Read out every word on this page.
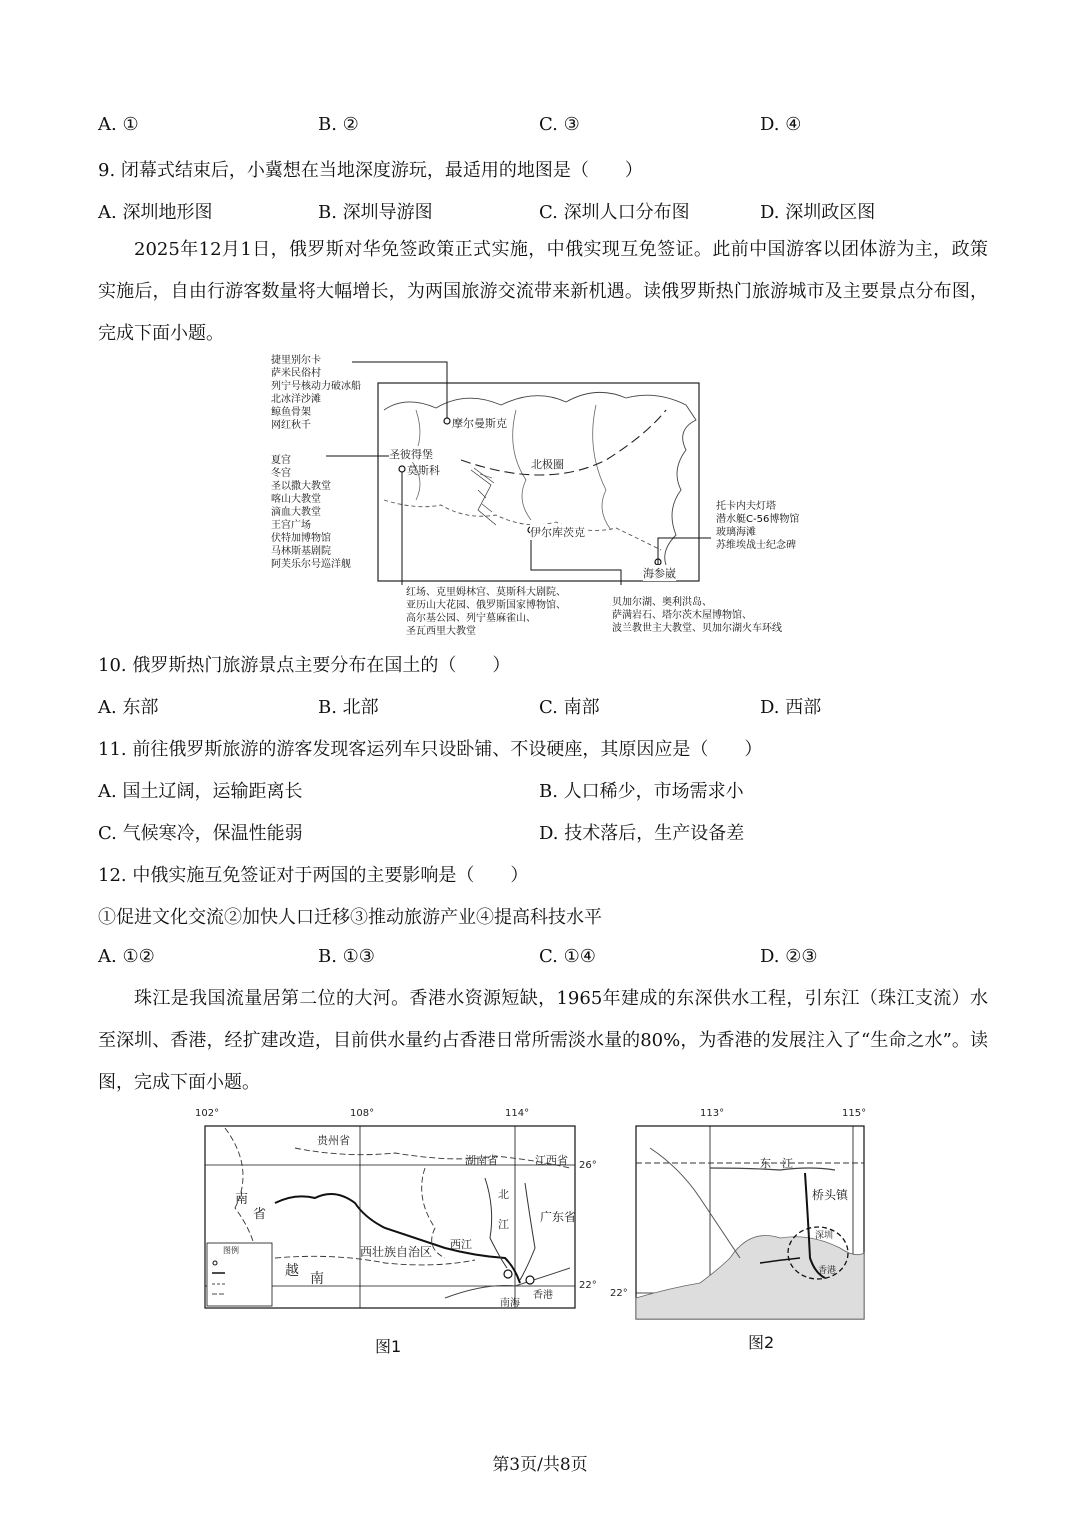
A. ①	B. ②	C. ③	D. ④
9. 闭幕式结束后，小冀想在当地深度游玩，最适用的地图是（　　）
A. 深圳地形图	B. 深圳导游图	C. 深圳人口分布图	D. 深圳政区图
2025年12月1日，俄罗斯对华免签政策正式实施，中俄实现互免签证。此前中国游客以团体游为主，政策实施后，自由行游客数量将大幅增长，为两国旅游交流带来新机遇。读俄罗斯热门旅游城市及主要景点分布图，完成下面小题。
捷里别尔卡
萨米民俗村
列宁号核动力破冰船
北冰洋沙滩
鲸鱼骨架
网红秋千
夏宫
冬宫
圣以撒大教堂
喀山大教堂
滴血大教堂
王宫广场
伏特加博物馆
马林斯基剧院
阿芙乐尔号巡洋舰
红场、克里姆林宫、莫斯科大剧院、
亚历山大花园、俄罗斯国家博物馆、
高尔基公园、列宁墓麻雀山、
圣瓦西里大教堂
贝加尔湖、奥利洪岛、
萨满岩石、塔尔茨木屋博物馆、
波兰教世主大教堂、贝加尔湖火车环线
托卡内夫灯塔
潜水艇C-56博物馆
玻璃海滩
苏维埃战士纪念碑
摩尔曼斯克
圣彼得堡
莫斯科	北极圈
伊尔库茨克
海参崴
10. 俄罗斯热门旅游景点主要分布在国土的（　　）
A. 东部	B. 北部	C. 南部	D. 西部
11. 前往俄罗斯旅游的游客发现客运列车只设卧铺、不设硬座，其原因应是（　　）
A. 国土辽阔，运输距离长	B. 人口稀少，市场需求小
C. 气候寒冷，保温性能弱	D. 技术落后，生产设备差
12. 中俄实施互免签证对于两国的主要影响是（　　）
①促进文化交流②加快人口迁移③推动旅游产业④提高科技水平
A. ①②	B. ①③	C. ①④	D. ②③
珠江是我国流量居第二位的大河。香港水资源短缺，1965年建成的东深供水工程，引东江（珠江支流）水至深圳、香港，经扩建改造，目前供水量约占香港日常所需淡水量的80%，为香港的发展注入了“生命之水”。读图，完成下面小题。
102°	108°	114°
26°
22°
贵州省
湖南省	江西省
南
省
越 南
西壮族自治区
广东省
西江
北
江
香港
南海
图例
图1
113°	115°
22°
东　江
桥头镇
深圳
香港
图2
第3页/共8页
